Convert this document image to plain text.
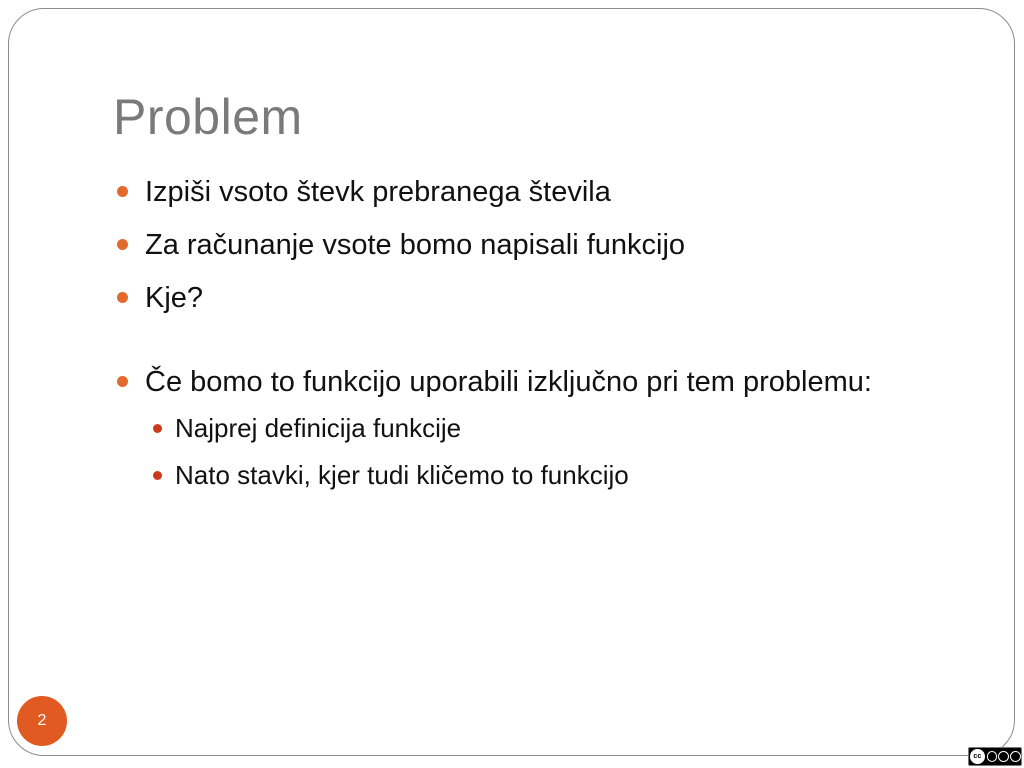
Problem
Izpiši vsoto števk prebranega števila
Za računanje vsote bomo napisali funkcijo
Kje?
Če bomo to funkcijo uporabili izključno pri tem problemu:
Najprej definicija funkcije
Nato stavki, kjer tudi kličemo to funkcijo
2
cc
